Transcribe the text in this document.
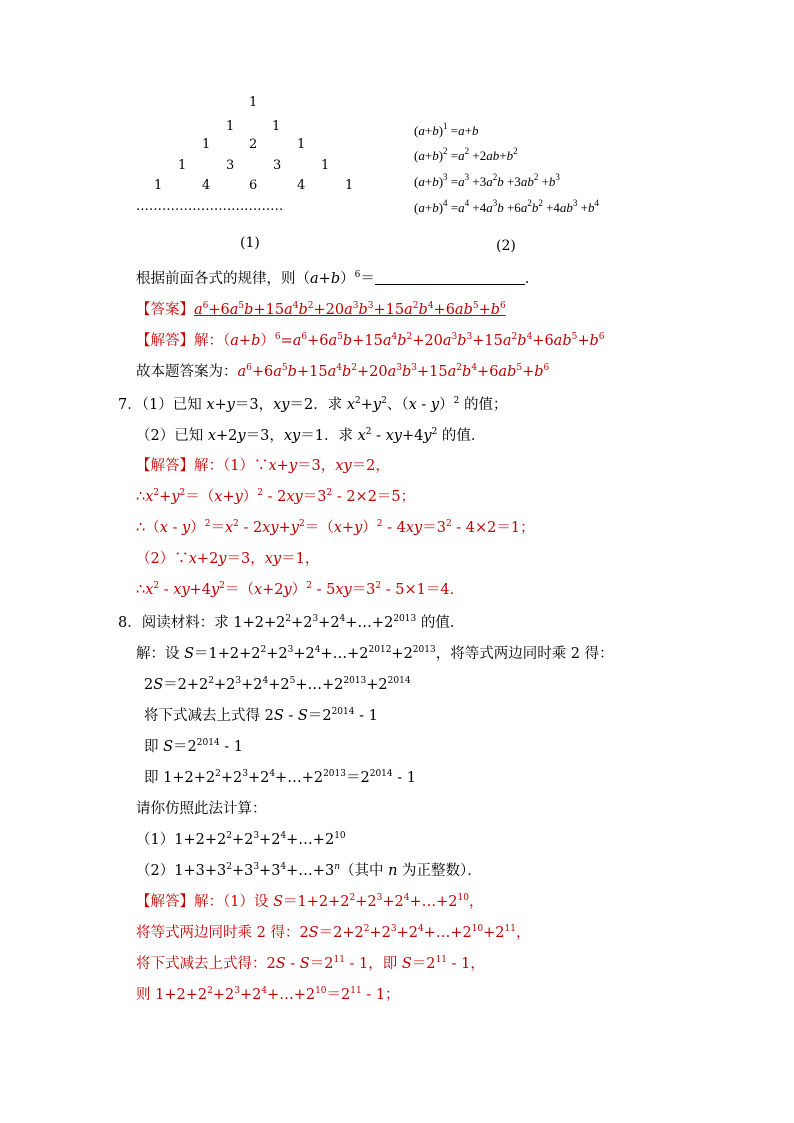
1
1	1
1	2	1
1	3	3	1
1	4	6	4	1
..................................
(1)
$(a+b)^1 =a+b$
$(a+b)^2 =a^2 +2ab+b^2$
$(a+b)^3 =a^3 +3a^2b +3ab^2 +b^3$
$(a+b)^4 =a^4 +4a^3b +6a^2b^2 +4ab^3 +b^4$
(2)
根据前面各式的规律，则$(a+b)^6=$	．
【答案】$a^6+6a^5b+15a^4b^2+20a^3b^3+15a^2b^4+6ab^5+b^6$
【解答】解：$(a+b)^6=a^6+6a^5b+15a^4b^2+20a^3b^3+15a^2b^4+6ab^5+b^6$
故本题答案为：$a^6+6a^5b+15a^4b^2+20a^3b^3+15a^2b^4+6ab^5+b^6$
7．（1）已知 x+y＝3，xy＝2．求 $x^2+y^2$、（x - y）$^2$ 的值；
（2）已知 x+2y＝3，xy＝1．求 $x^2 - xy+4y^2$ 的值．
【解答】解：（1）∵x+y＝3，xy＝2，
$\therefore x^2+y^2=(x+y)^2 - 2xy=3^2 - 2\times 2=5$；
∴（x - $y)^2=x^2 - 2xy+y^2=(x+y)^2 - 4xy=3^2 - 4\times 2=1$；
（2）∵x+2y＝3，xy＝1，
$\therefore x^2 - xy+4y^2=(x+2y)^2 - 5xy=3^2 - 5\times 1=4$．
8．阅读材料：求 $1+2+2^2+2^3+2^4+\dots+2^{2013}$ 的值．
解：设 $S=1+2+2^2+2^3+2^4+\dots+2^{2012}+2^{2013}$，将等式两边同时乘 2 得：
$2S=2+2^2+2^3+2^4+2^5+\dots+2^{2013}+2^{2014}$
将下式减去上式得 $2S - S=2^{2014} - 1$
即 $S=2^{2014} - 1$
即 $1+2+2^2+2^3+2^4+\dots+2^{2013}=2^{2014} - 1$
请你仿照此法计算：
$(1)1+2+2^2+2^3+2^4+\dots+2^{10}$
$(2)1+3+3^2+3^3+3^4+\dots+3^n$（其中 n 为正整数）．
【解答】解：（1）设 $S=1+2+2^2+2^3+2^4+\dots+2^{10}$，
将等式两边同时乘 2 得：$2S=2+2^2+2^3+2^4+\dots+2^{10}+2^{11}$，
将下式减去上式得：$2S - S=2^{11} - 1$，即 $S=2^{11} - 1$，
则 $1+2+2^2+2^3+2^4+\dots+2^{10}=2^{11} - 1$；
